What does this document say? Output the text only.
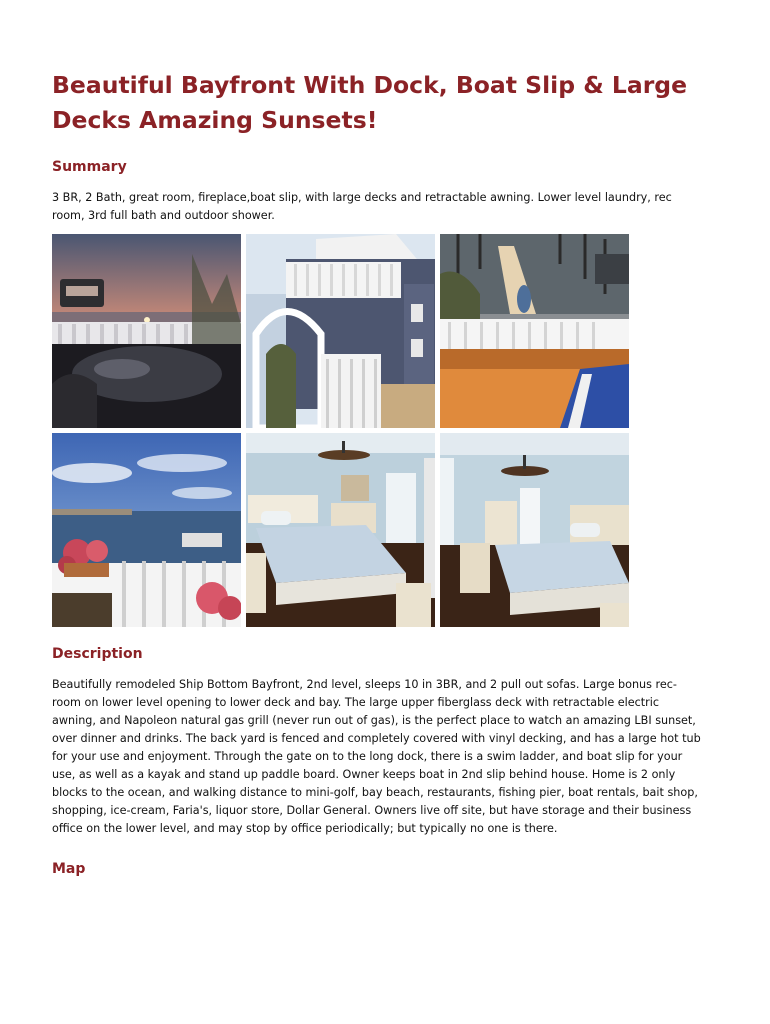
Beautiful Bayfront With Dock, Boat Slip & Large
Decks Amazing Sunsets!
Summary

3 BR, 2 Bath, great room, fireplace,boat slip, with large decks and retractable awning. Lower level laundry, rec
room, 3rd full bath and outdoor shower.

Description

Beautifully remodeled Ship Bottom Bayfront, 2nd level, sleeps 10 in 3BR, and 2 pull out sofas. Large bonus rec-
room on lower level opening to lower deck and bay. The large upper fiberglass deck with retractable electric
awning, and Napoleon natural gas grill (never run out of gas), is the perfect place to watch an amazing LBI sunset,
over dinner and drinks. The back yard is fenced and completely covered with vinyl decking, and has a large hot tub
for your use and enjoyment. Through the gate on to the long dock, there is a swim ladder, and boat slip for your
use, as well as a kayak and stand up paddle board. Owner keeps boat in 2nd slip behind house. Home is 2 only
blocks to the ocean, and walking distance to mini-golf, bay beach, restaurants, fishing pier, boat rentals, bait shop,
shopping, ice-cream, Faria's, liquor store, Dollar General. Owners live off site, but have storage and their business
office on the lower level, and may stop by office periodically; but typically no one is there.

Map
